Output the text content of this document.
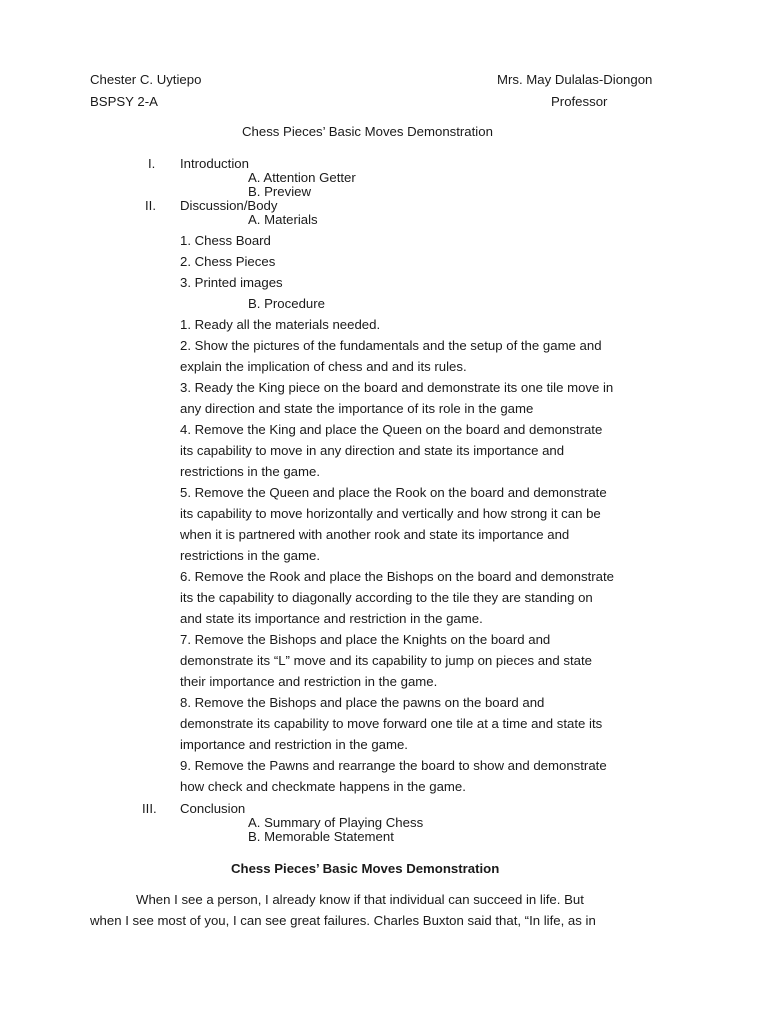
Chester C. Uytiepo
BSPSY 2-A
Mrs. May Dulalas-Diongon
Professor
Chess Pieces’ Basic Moves Demonstration
I. Introduction
A. Attention Getter
B. Preview
II. Discussion/Body
A. Materials
1. Chess Board
2. Chess Pieces
3. Printed images
B. Procedure
1. Ready all the materials needed.
2. Show the pictures of the fundamentals and the setup of the game and
explain the implication of chess and and its rules.
3. Ready the King piece on the board and demonstrate its one tile move in
any direction and state the importance of its role in the game
4. Remove the King and place the Queen on the board and demonstrate
its capability to move in any direction and state its importance and
restrictions in the game.
5. Remove the Queen and place the Rook on the board and demonstrate
its capability to move horizontally and vertically and how strong it can be
when it is partnered with another rook and state its importance and
restrictions in the game.
6. Remove the Rook and place the Bishops on the board and demonstrate
its the capability to diagonally according to the tile they are standing on
and state its importance and restriction in the game.
7. Remove the Bishops and place the Knights on the board and
demonstrate its “L” move and its capability to jump on pieces and state
their importance and restriction in the game.
8. Remove the Bishops and place the pawns on the board and
demonstrate its capability to move forward one tile at a time and state its
importance and restriction in the game.
9. Remove the Pawns and rearrange the board to show and demonstrate
how check and checkmate happens in the game.
III. Conclusion
A. Summary of Playing Chess
B. Memorable Statement
Chess Pieces’ Basic Moves Demonstration
When I see a person, I already know if that individual can succeed in life. But
when I see most of you, I can see great failures. Charles Buxton said that, “In life, as in
